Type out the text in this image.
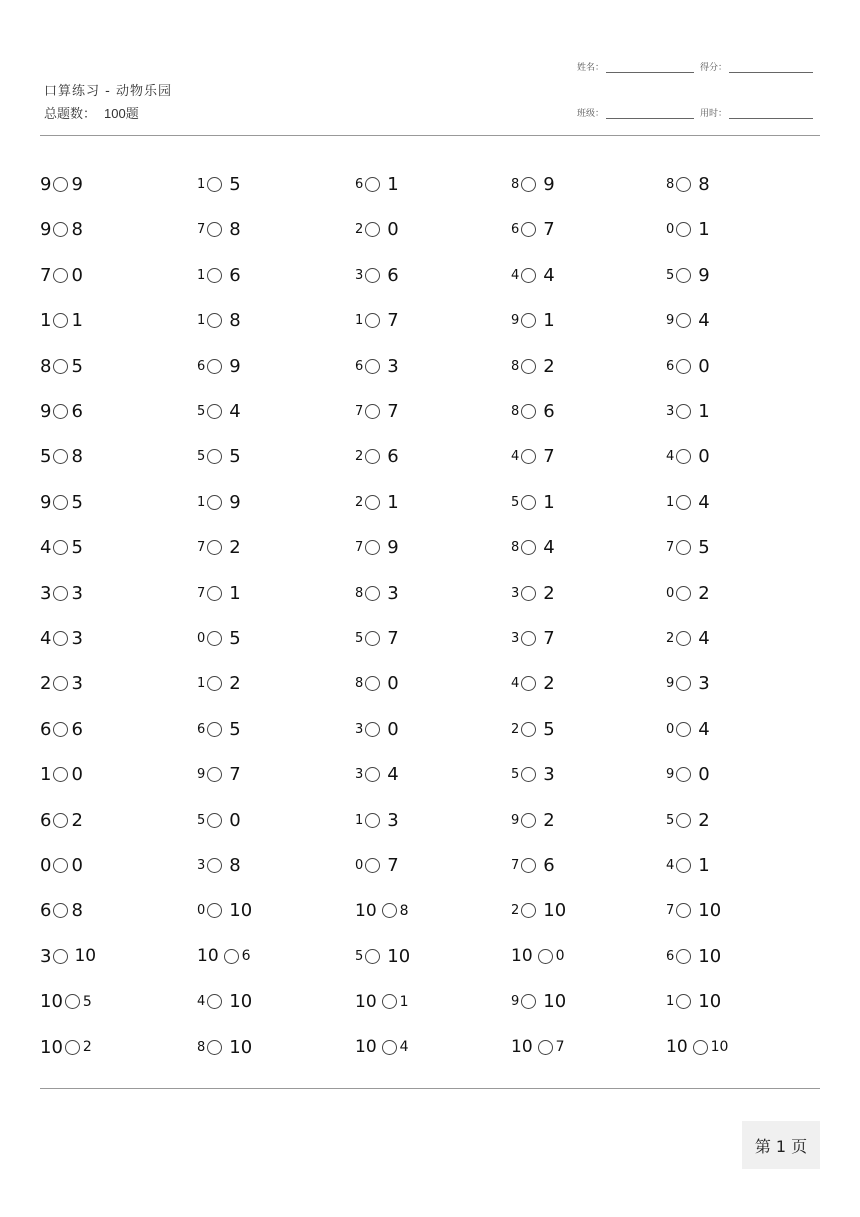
口算练习 - 动物乐园
总题数： 100题
姓名：	得分：
班级：	用时：
9 9	1 5	6 1	8 9	8 8
9 8	7 8	2 0	6 7	0 1
7 0	1 6	3 6	4 4	5 9
1 1	1 8	1 7	9 1	9 4
8 5	6 9	6 3	8 2	6 0
9 6	5 4	7 7	8 6	3 1
5 8	5 5	2 6	4 7	4 0
9 5	1 9	2 1	5 1	1 4
4 5	7 2	7 9	8 4	7 5
3 3	7 1	8 3	3 2	0 2
4 3	0 5	5 7	3 7	2 4
2 3	1 2	8 0	4 2	9 3
6 6	6 5	3 0	2 5	0 4
1 0	9 7	3 4	5 3	9 0
6 2	5 0	1 3	9 2	5 2
0 0	3 8	0 7	7 6	4 1
6 8	0 10	10 8	2 10	7 10
3 10	10 6	5 10	10 0	6 10
10 5	4 10	10 1	9 10	1 10
10 2	8 10	10 4	10 7	10 10
第 1 页
